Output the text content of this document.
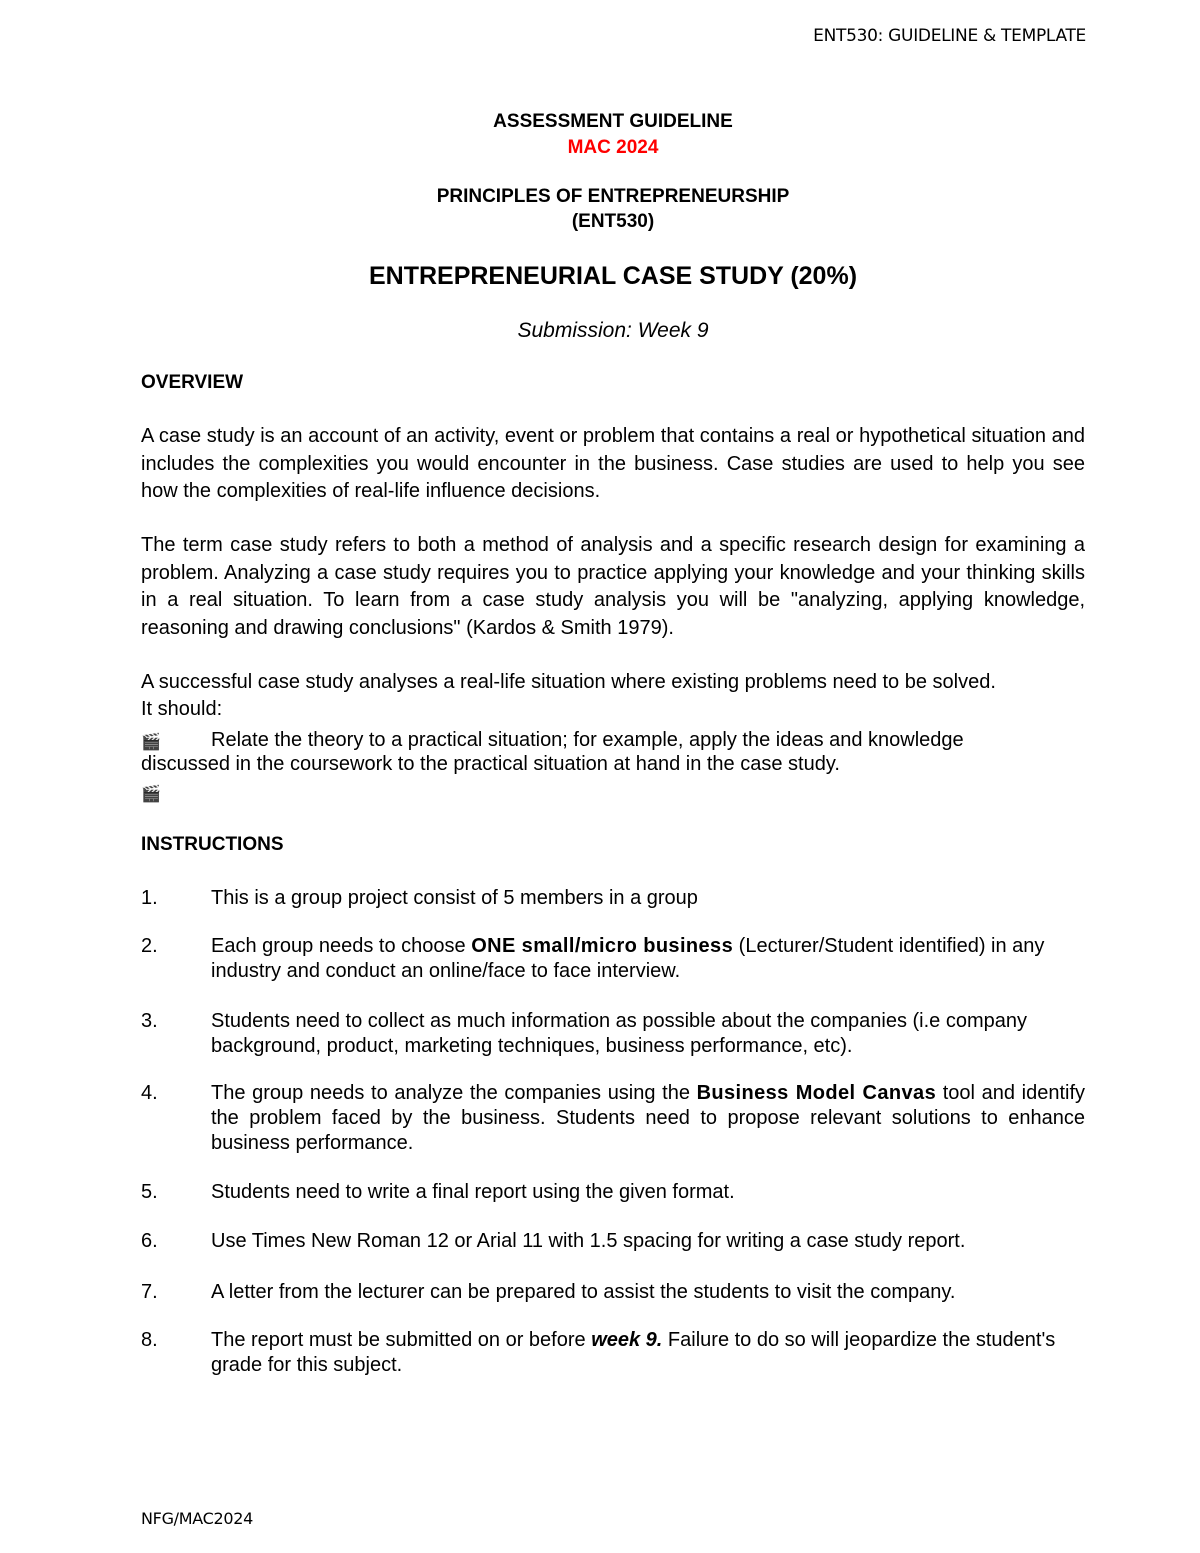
ENT530: GUIDELINE & TEMPLATE
ASSESSMENT GUIDELINE
MAC 2024
PRINCIPLES OF ENTREPRENEURSHIP
(ENT530)
ENTREPRENEURIAL CASE STUDY (20%)
Submission: Week 9
OVERVIEW
A case study is an account of an activity, event or problem that contains a real or hypothetical situation and includes the complexities you would encounter in the business. Case studies are used to help you see how the complexities of real-life influence decisions.
The term case study refers to both a method of analysis and a specific research design for examining a problem. Analyzing a case study requires you to practice applying your knowledge and your thinking skills in a real situation. To learn from a case study analysis you will be "analyzing, applying knowledge, reasoning and drawing conclusions" (Kardos & Smith 1979).
A successful case study analyses a real-life situation where existing problems need to be solved.
It should:
🎬	Relate the theory to a practical situation; for example, apply the ideas and knowledge
discussed in the coursework to the practical situation at hand in the case study.
🎬
INSTRUCTIONS
1.	This is a group project consist of 5 members in a group
2.	Each group needs to choose ONE small/micro business (Lecturer/Student identified) in any industry and conduct an online/face to face interview.
3.	Students need to collect as much information as possible about the companies (i.e company background, product, marketing techniques, business performance, etc).
4.	The group needs to analyze the companies using the Business Model Canvas tool and identify the problem faced by the business. Students need to propose relevant solutions to enhance business performance.
5.	Students need to write a final report using the given format.
6.	Use Times New Roman 12 or Arial 11 with 1.5 spacing for writing a case study report.
7.	A letter from the lecturer can be prepared to assist the students to visit the company.
8.	The report must be submitted on or before week 9. Failure to do so will jeopardize the student's grade for this subject.
NFG/MAC2024
